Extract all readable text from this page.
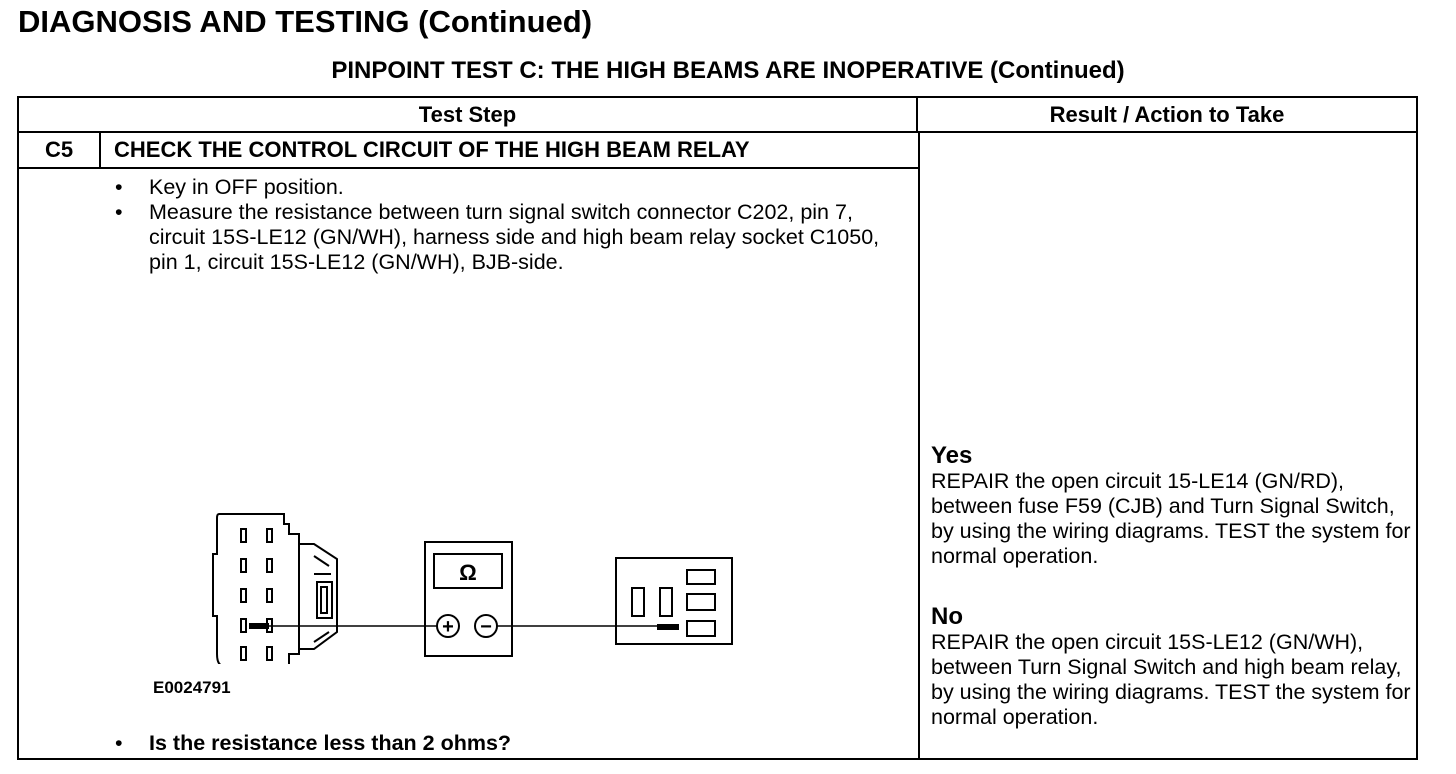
DIAGNOSIS AND TESTING (Continued)
PINPOINT TEST C: THE HIGH BEAMS ARE INOPERATIVE (Continued)
Test Step	Result / Action to Take
C5	CHECK THE CONTROL CIRCUIT OF THE HIGH BEAM RELAY
• Key in OFF position.
• Measure the resistance between turn signal switch connector C202, pin 7, circuit 15S-LE12 (GN/WH), harness side and high beam relay socket C1050, pin 1, circuit 15S-LE12 (GN/WH), BJB-side.
Ω
+ −
E0024791
• Is the resistance less than 2 ohms?
Yes
REPAIR the open circuit 15-LE14 (GN/RD), between fuse F59 (CJB) and Turn Signal Switch, by using the wiring diagrams. TEST the system for normal operation.
No
REPAIR the open circuit 15S-LE12 (GN/WH), between Turn Signal Switch and high beam relay, by using the wiring diagrams. TEST the system for normal operation.
